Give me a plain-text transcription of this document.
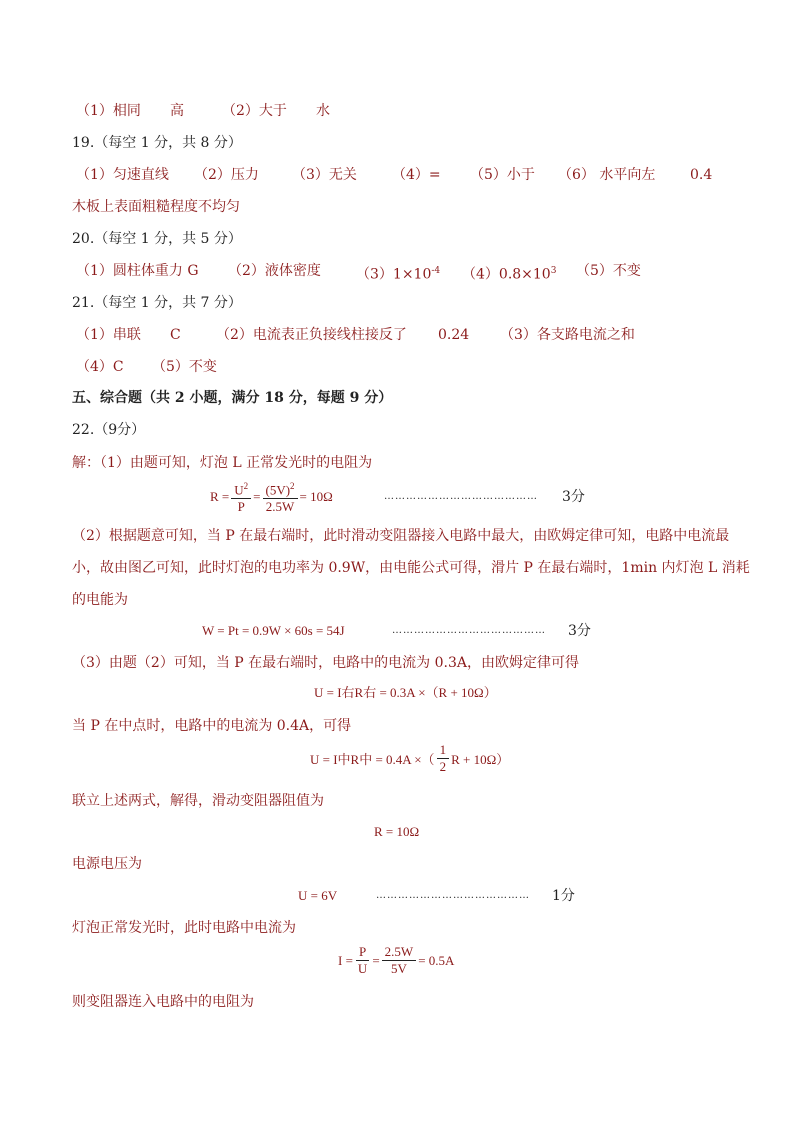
（1）相同 高	（2）大于 水
19.（每空 1 分，共 8 分）
（1）匀速直线 （2）压力 （3）无关	（4）= （5）小于 （6） 水平向左 0.4
木板上表面粗糙程度不均匀
20.（每空 1 分，共 5 分）
（1）圆柱体重力 G （2）液体密度	$(3)1\times 10^{-4}$ $(4)0.8\times 10^3$ （5）不变
21.（每空 1 分，共 7 分）
（1）串联 C	（2）电流表正负接线柱接反了 0.24 （3）各支路电流之和
（4）C （5）不变
五、综合题（共 2 小题，满分 18 分，每题 9 分）
22.（9分）
解：（1）由题可知，灯泡 L 正常发光时的电阻为
$R = \frac{U^2}{P} = \frac{(5V)^2}{2.5W} = 10\Omega$	…………………………………… 3分
（2）根据题意可知，当 P 在最右端时，此时滑动变阻器接入电路中最大，由欧姆定律可知，电路中电流最
小，故由图乙可知，此时灯泡的电功率为 0.9W，由电能公式可得，滑片 P 在最右端时，1min 内灯泡 L 消耗
的电能为
W = Pt = 0.9W × 60s = 54J	…………………………………… 3分
（3）由题（2）可知，当 P 在最右端时，电路中的电流为 0.3A，由欧姆定律可得
U = I右R右 = 0.3A ×（R + 10Ω）
当 P 在中点时，电路中的电流为 0.4A，可得
U = I中R中 = 0.4A ×（ $\frac{1}{2}$ R + 10Ω）
联立上述两式，解得，滑动变阻器阻值为
R = 10Ω
电源电压为
U = 6V	…………………………………… 1分
灯泡正常发光时，此时电路中电流为
$I = \frac{P}{U} = \frac{2.5W}{5V} = 0.5A$
则变阻器连入电路中的电阻为
